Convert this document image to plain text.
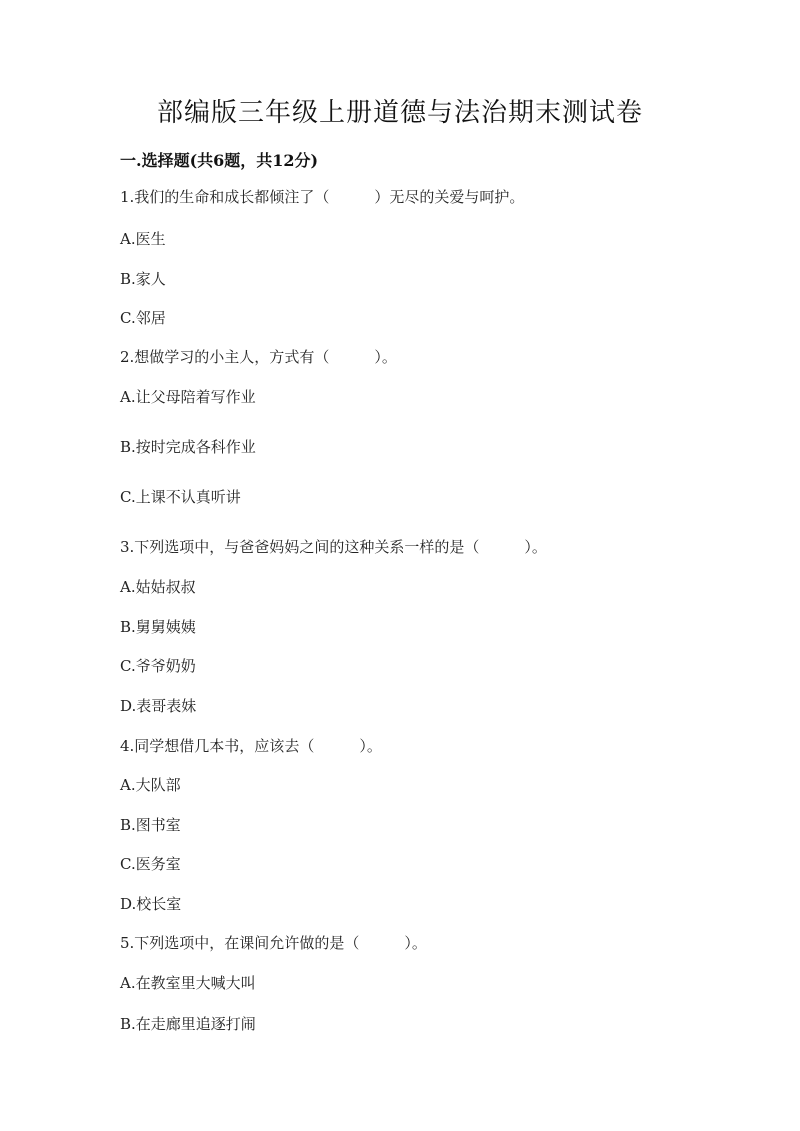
部编版三年级上册道德与法治期末测试卷
一.选择题(共6题，共12分)
1.我们的生命和成长都倾注了（　　　）无尽的关爱与呵护。
A.医生
B.家人
C.邻居
2.想做学习的小主人，方式有（　　　）。
A.让父母陪着写作业
B.按时完成各科作业
C.上课不认真听讲
3.下列选项中，与爸爸妈妈之间的这种关系一样的是（　　　）。
A.姑姑叔叔
B.舅舅姨姨
C.爷爷奶奶
D.表哥表妹
4.同学想借几本书，应该去（　　　）。
A.大队部
B.图书室
C.医务室
D.校长室
5.下列选项中，在课间允许做的是（　　　）。
A.在教室里大喊大叫
B.在走廊里追逐打闹
